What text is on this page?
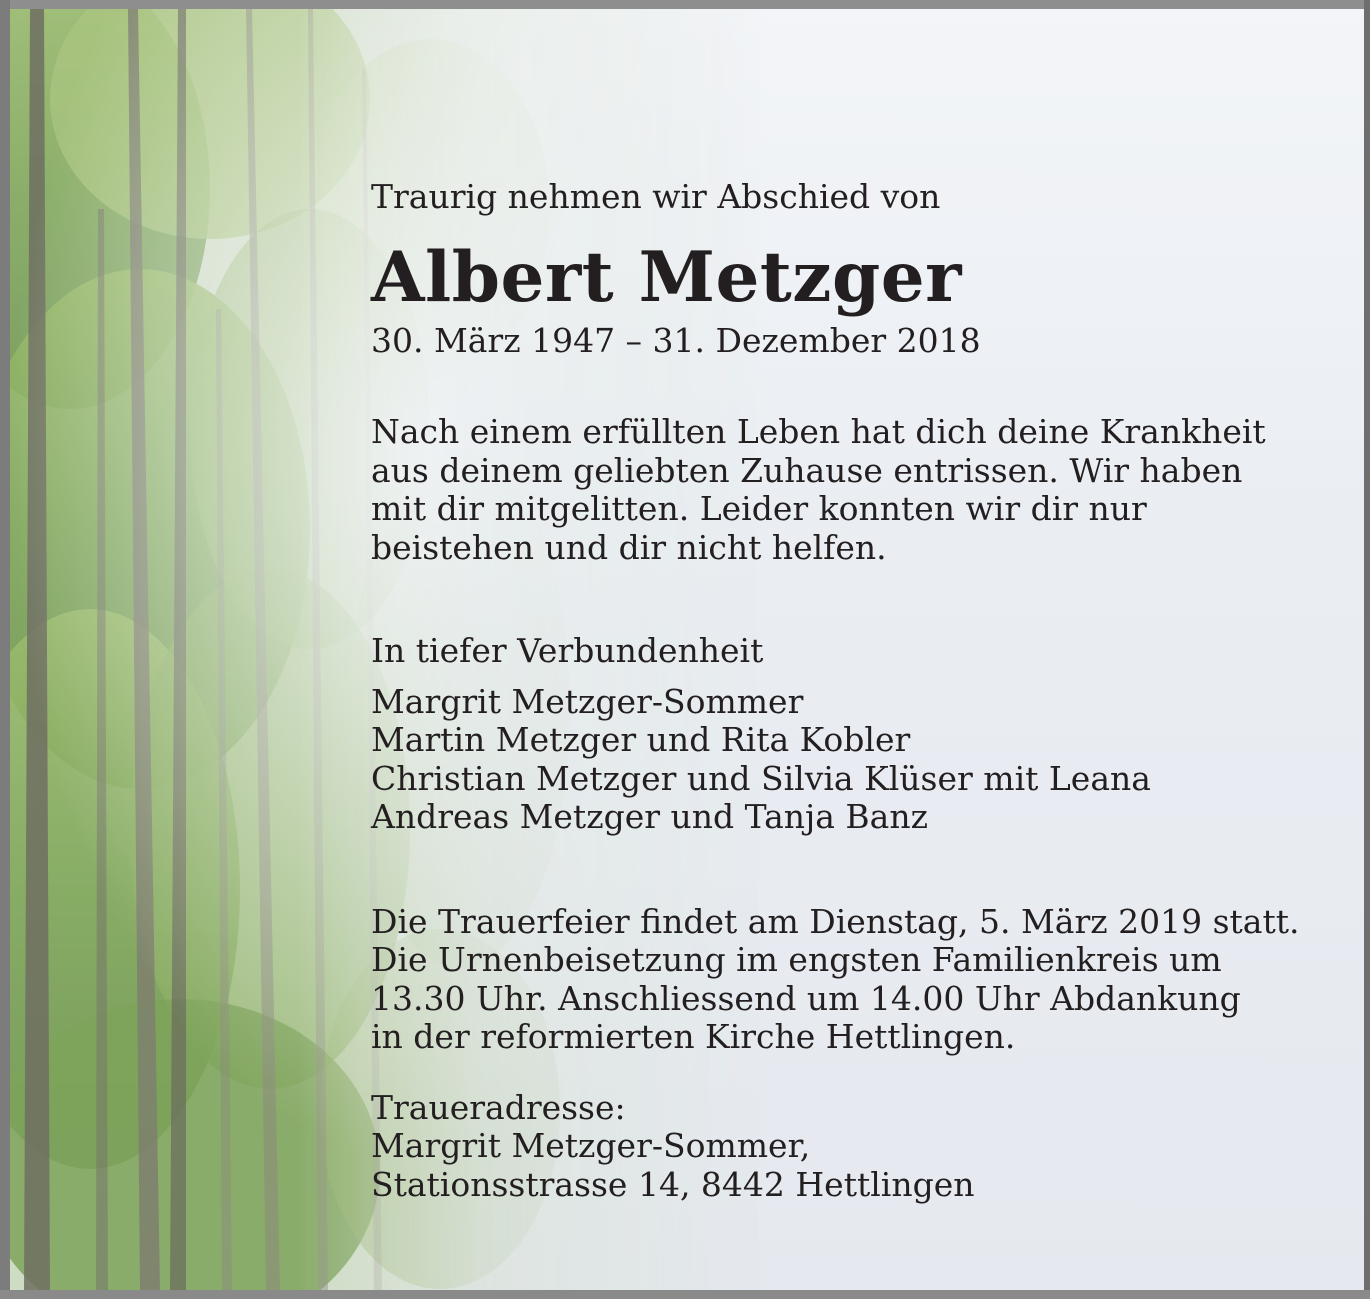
Traurig nehmen wir Abschied von

Albert Metzger

30. März 1947 – 31. Dezember 2018

Nach einem erfüllten Leben hat dich deine Krankheit
aus deinem geliebten Zuhause entrissen. Wir haben
mit dir mitgelitten. Leider konnten wir dir nur
beistehen und dir nicht helfen.

In tiefer Verbundenheit

Margrit Metzger-Sommer
Martin Metzger und Rita Kobler
Christian Metzger und Silvia Klüser mit Leana
Andreas Metzger und Tanja Banz

Die Trauerfeier findet am Dienstag, 5. März 2019 statt.
Die Urnenbeisetzung im engsten Familienkreis um
13.30 Uhr. Anschliessend um 14.00 Uhr Abdankung
in der reformierten Kirche Hettlingen.

Traueradresse:
Margrit Metzger-Sommer,
Stationsstrasse 14, 8442 Hettlingen
